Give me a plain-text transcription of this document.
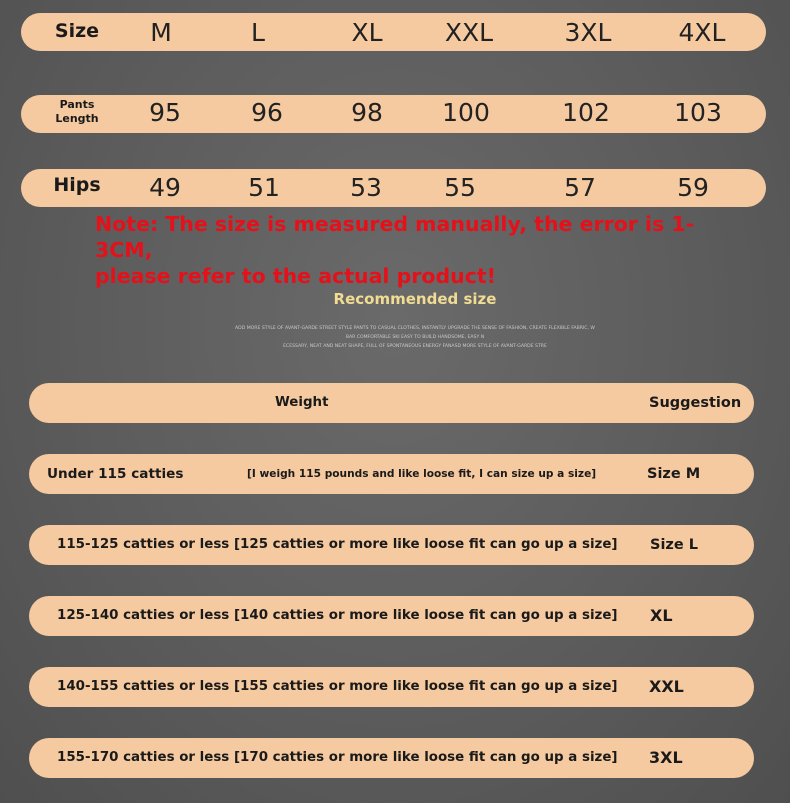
Size	M	L	XL	XXL	3XL	4XL
Pants
Length	95	96	98	100	102	103
Hips	49	51	53	55	57	59
Note: The size is measured manually, the error is 1-3CM,
please refer to the actual product!
Recommended size
ADD MORE STYLE OF AVANT-GARDE STREET STYLE PANTS TO CASUAL CLOTHES, INSTANTLY UPGRADE THE SENSE OF FASHION, CREATE FLEXIBLE FABRIC, W
BAR COMFORTABLE SKI EASY TO BUILD HANDSOME, EASY N
ECESSARY, NEAT AND NEAT SHAPE, FULL OF SPONTANEOUS ENERGY FANASD MORE STYLE OF AVANT-GARDE STRE
Weight	Suggestion
Under 115 catties	[I weigh 115 pounds and like loose fit, I can size up a size]	Size M
115-125 catties or less [125 catties or more like loose fit can go up a size] Size L
125-140 catties or less [140 catties or more like loose fit can go up a size] XL
140-155 catties or less [155 catties or more like loose fit can go up a size] XXL
155-170 catties or less [170 catties or more like loose fit can go up a size] 3XL
